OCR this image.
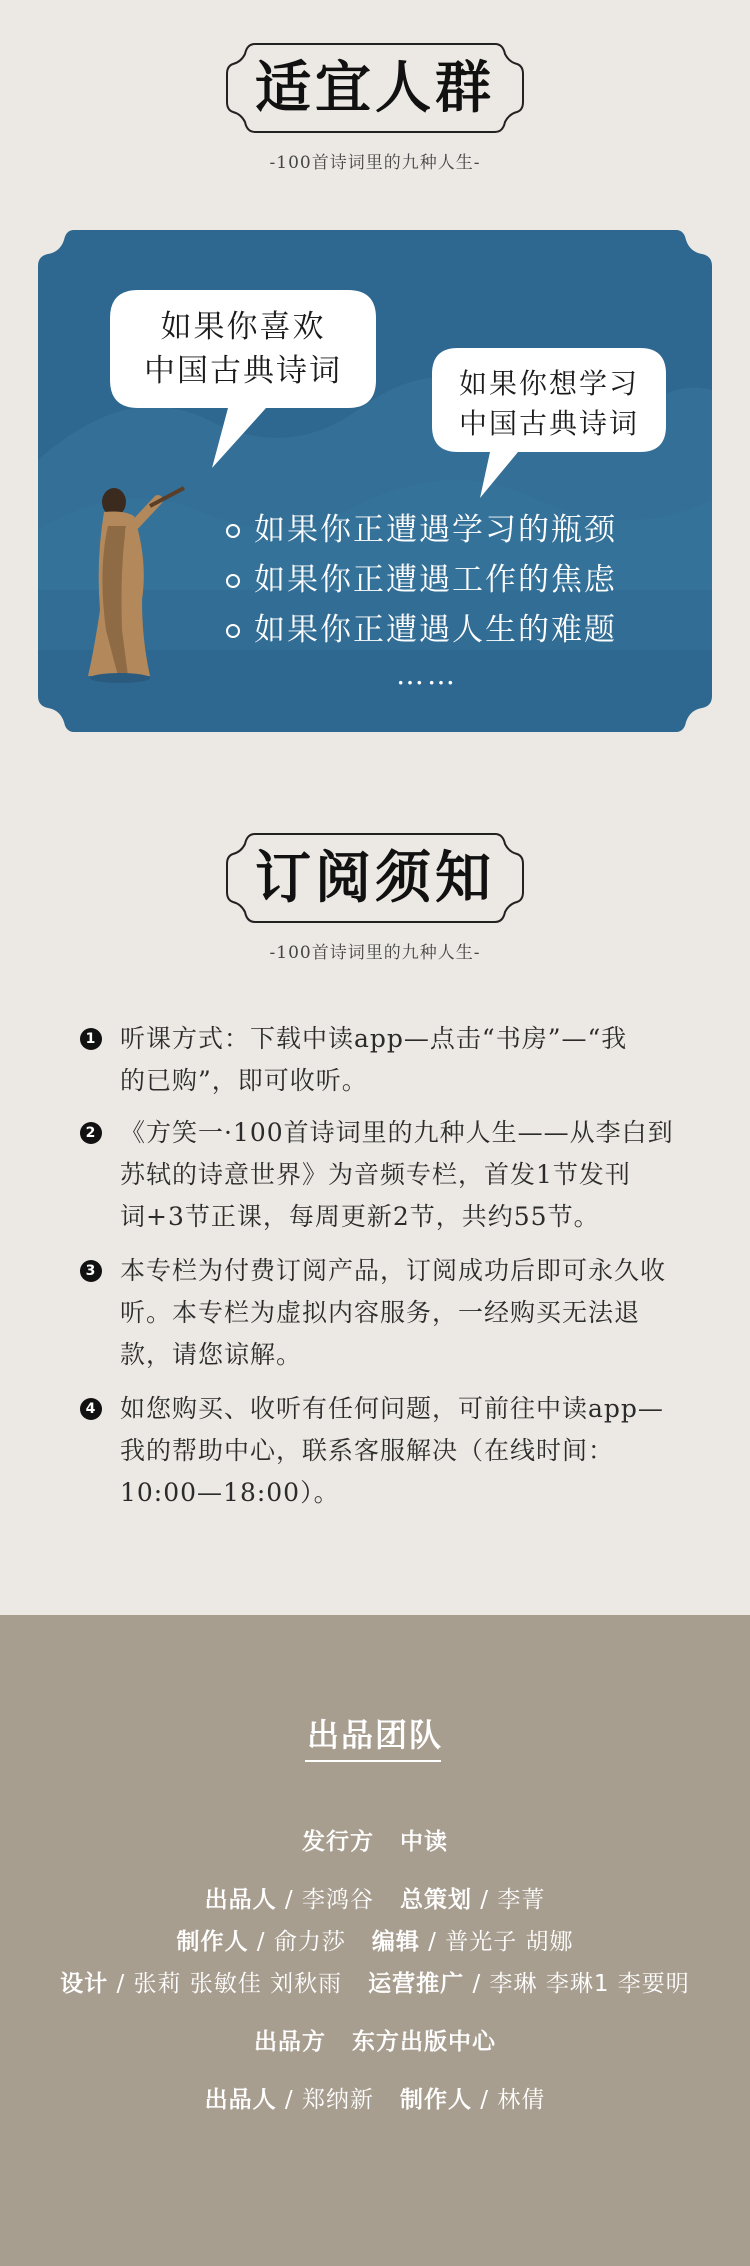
适宜人群
-100首诗词里的九种人生-
如果你喜欢
中国古典诗词	如果你想学习
中国古典诗词
如果你正遭遇学习的瓶颈
如果你正遭遇工作的焦虑
如果你正遭遇人生的难题
……
订阅须知
-100首诗词里的九种人生-
1 听课方式：下载中读app—点击“书房”—“我
的已购”，即可收听。
2 《方笑一·100首诗词里的九种人生——从李白到
苏轼的诗意世界》为音频专栏，首发1节发刊
词+3节正课，每周更新2节，共约55节。
3 本专栏为付费订阅产品，订阅成功后即可永久收
听。本专栏为虚拟内容服务，一经购买无法退
款，请您谅解。
4 如您购买、收听有任何问题，可前往中读app—
我的帮助中心，联系客服解决（在线时间：
10:00—18:00）。
出品团队
发行方 中读
出品人 / 李鸿谷 总策划 / 李菁
制作人 / 俞力莎 编辑 / 普光子 胡娜
设计 / 张莉 张敏佳 刘秋雨 运营推广 / 李琳 李琳1 李要明
出品方 东方出版中心
出品人 / 郑纳新 制作人 / 林倩
